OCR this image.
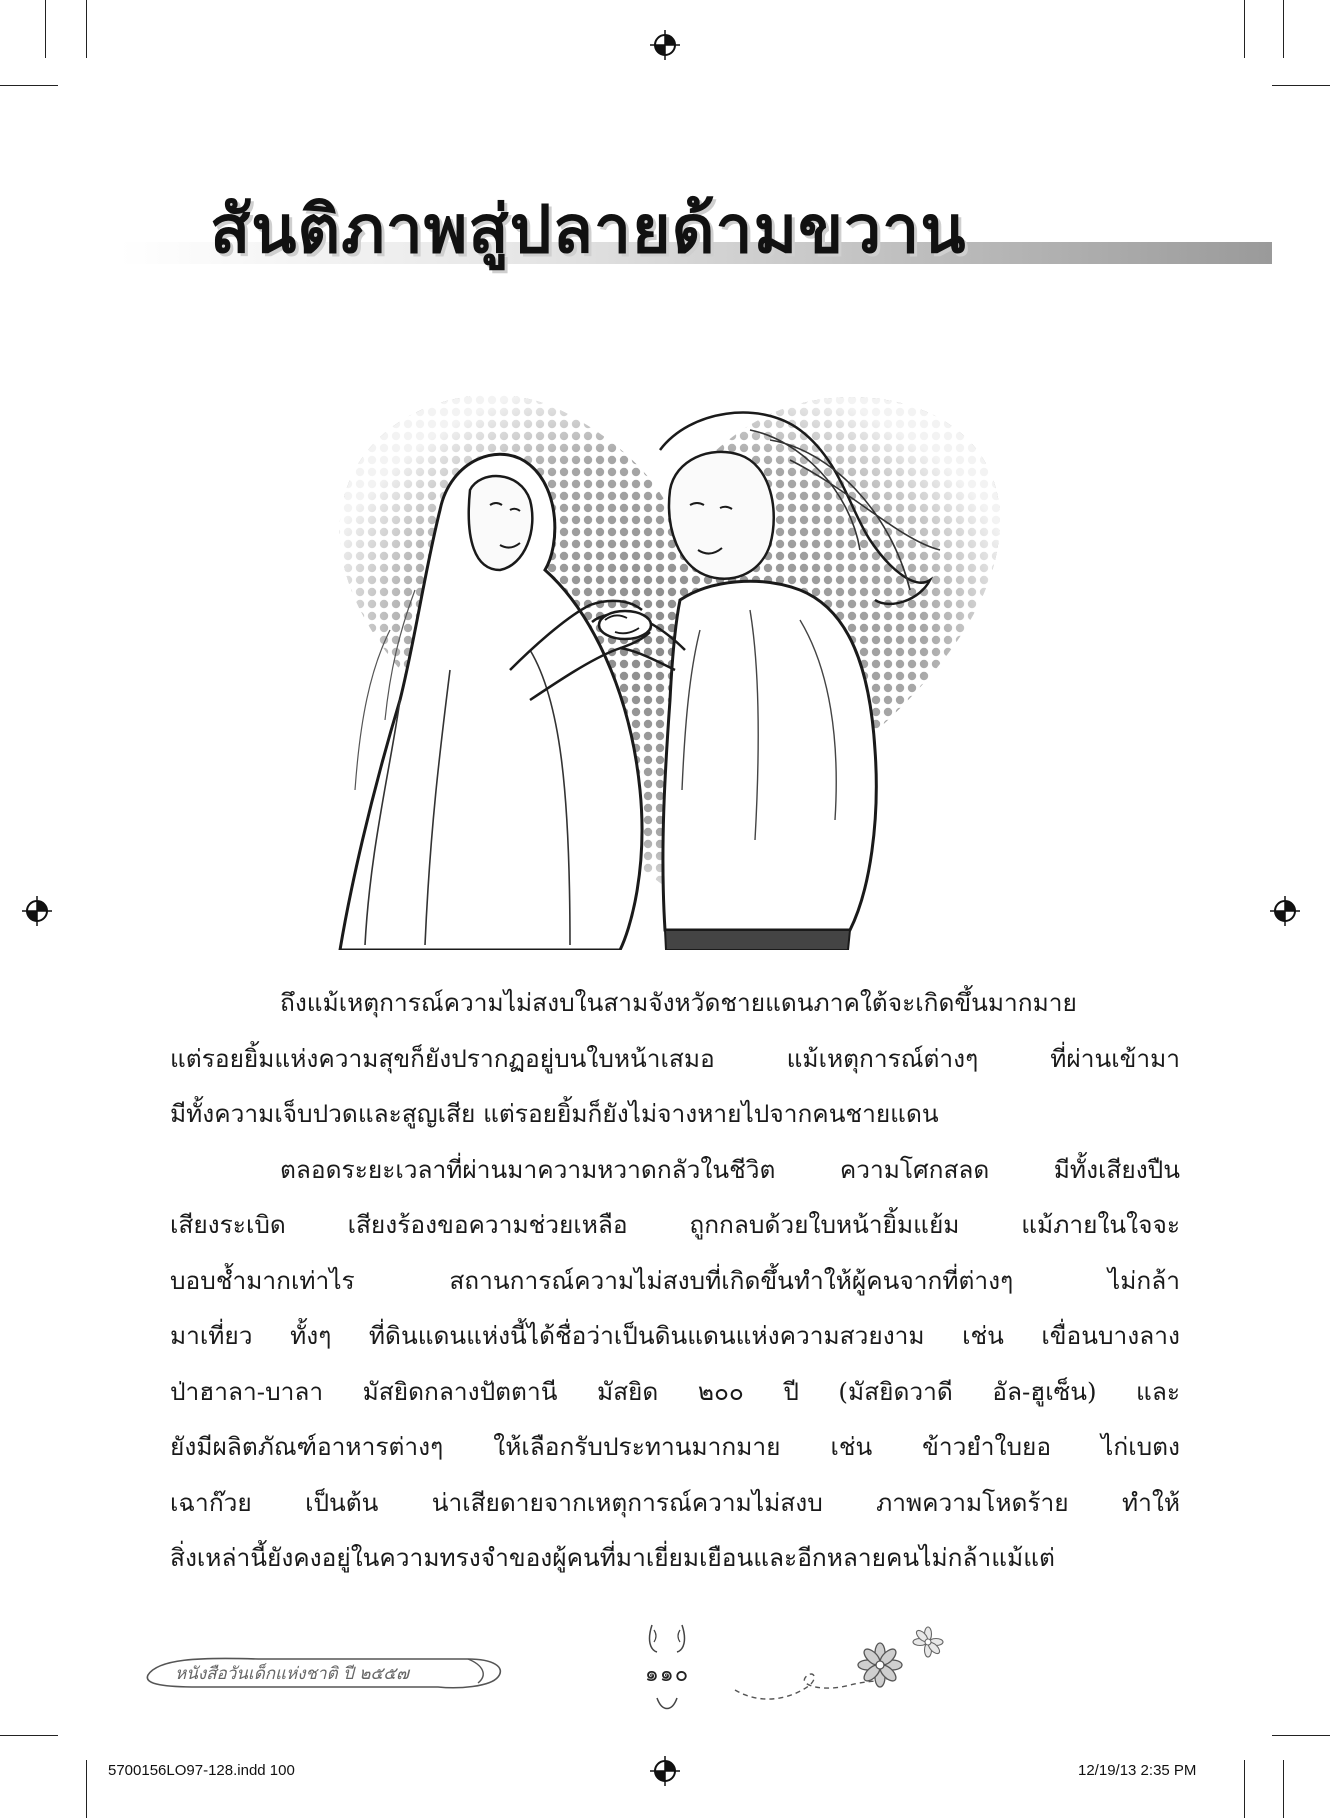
สันติภาพสู่ปลายด้ามขวาน

ถึงแม้เหตุการณ์ความไม่สงบในสามจังหวัดชายแดนภาคใต้จะเกิดขึ้นมากมาย

แต่รอยยิ้มแห่งความสุขก็ยังปรากฏอยู่บนใบหน้าเสมอ แม้เหตุการณ์ต่างๆ ที่ผ่านเข้ามา

มีทั้งความเจ็บปวดและสูญเสีย แต่รอยยิ้มก็ยังไม่จางหายไปจากคนชายแดน

ตลอดระยะเวลาที่ผ่านมาความหวาดกลัวในชีวิต ความโศกสลด มีทั้งเสียงปืน

เสียงระเบิด เสียงร้องขอความช่วยเหลือ ถูกกลบด้วยใบหน้ายิ้มแย้ม แม้ภายในใจจะ

บอบช้ำมากเท่าไร สถานการณ์ความไม่สงบที่เกิดขึ้นทำให้ผู้คนจากที่ต่างๆ ไม่กล้า

มาเที่ยว ทั้งๆ ที่ดินแดนแห่งนี้ได้ชื่อว่าเป็นดินแดนแห่งความสวยงาม เช่น เขื่อนบางลาง

ป่าฮาลา-บาลา มัสยิดกลางปัตตานี มัสยิด ๒๐๐ ปี (มัสยิดวาดี อัล-ฮูเซ็น) และ

ยังมีผลิตภัณฑ์อาหารต่างๆ ให้เลือกรับประทานมากมาย เช่น ข้าวยำใบยอ ไก่เบตง

เฉาก๊วย เป็นต้น น่าเสียดายจากเหตุการณ์ความไม่สงบ ภาพความโหดร้าย ทำให้

สิ่งเหล่านี้ยังคงอยู่ในความทรงจำของผู้คนที่มาเยี่ยมเยือนและอีกหลายคนไม่กล้าแม้แต่

หนังสือวันเด็กแห่งชาติ ปี ๒๕๕๗	๑๑๐
5700156LO97-128.indd 100	12/19/13 2:35 PM
